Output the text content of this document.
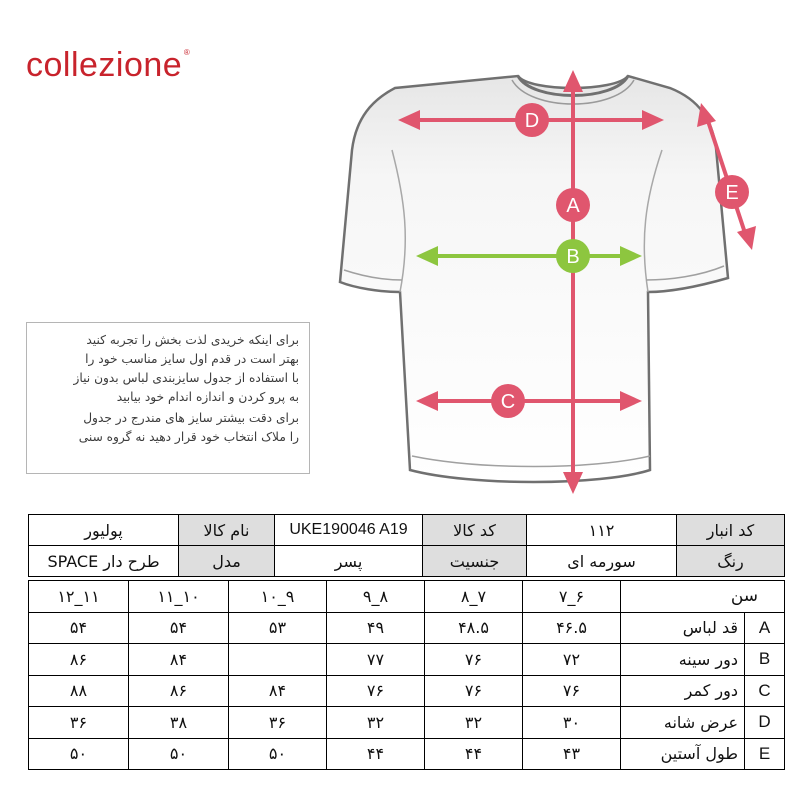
collezione ®
A
D
B
C
E

برای اینکه خریدی لذت بخش را تجربه کنید

بهتر است در قدم اول سایز مناسب خود را

با استفاده از جدول سایزبندی لباس بدون نیاز

به پرو کردن و اندازه اندام خود بیابید

برای دقت بیشتر سایز های مندرج در جدول

را ملاک انتخاب خود قرار دهید نه گروه سنی

کد انبار	۱۱۲	کد کالا	UKE190046 A19	نام کالا	پولیور
رنگ	سورمه ای	جنسیت	پسر	مدل	طرح دار SPACE
سن		۶_۷	۷_۸	۸_۹	۹_۱۰	۱۰_۱۱	۱۱_۱۲
A	قد لباس	۴۶.۵	۴۸.۵	۴۹	۵۳	۵۴	۵۴
B	دور سینه	۷۲	۷۶	۷۷		۸۴	۸۶
C	دور کمر	۷۶	۷۶	۷۶	۸۴	۸۶	۸۸
D	عرض شانه	۳۰	۳۲	۳۲	۳۶	۳۸	۳۶
E	طول آستین	۴۳	۴۴	۴۴	۵۰	۵۰	۵۰
